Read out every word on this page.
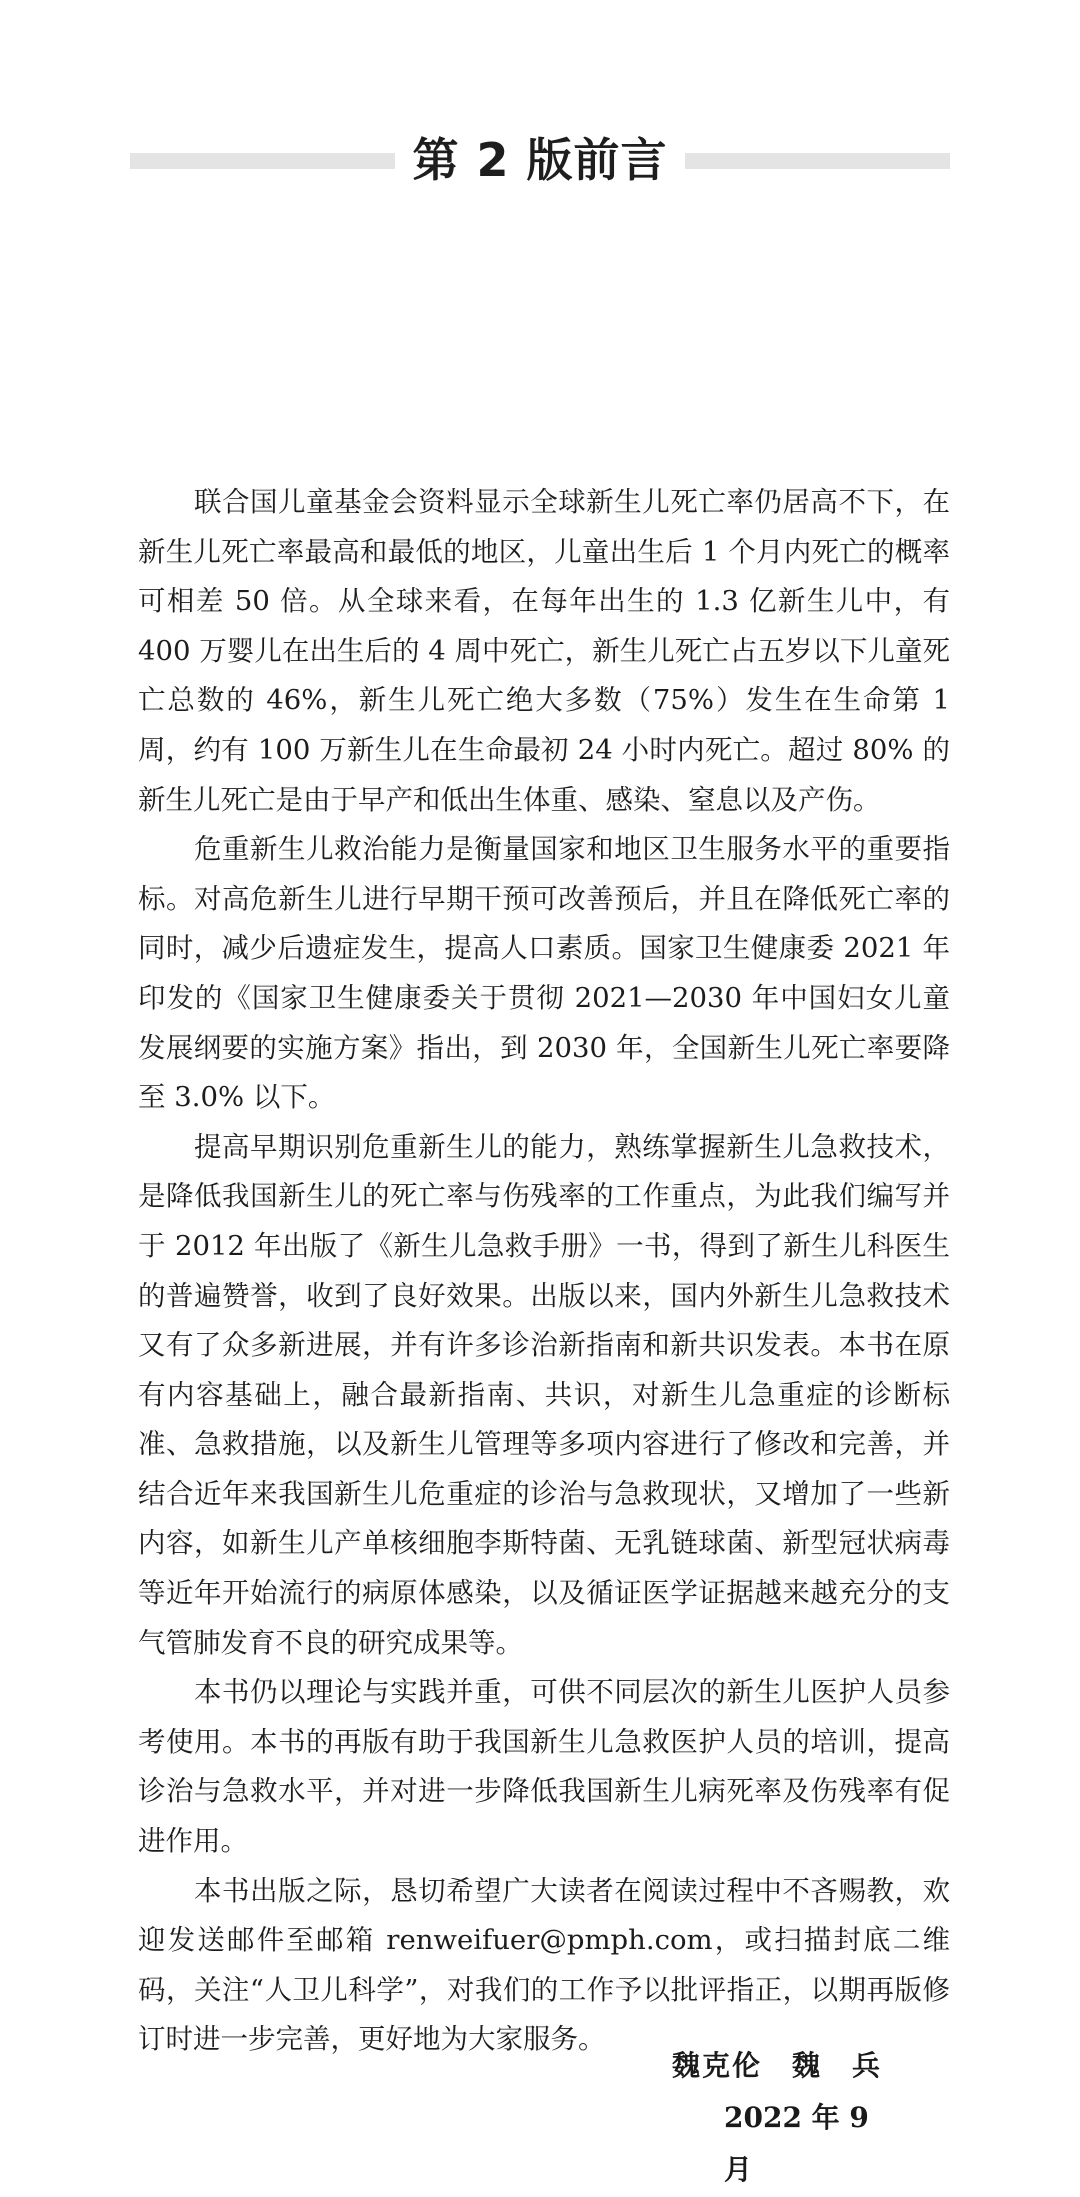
第 2 版前言

联合国儿童基金会资料显示全球新生儿死亡率仍居高不下，在新生儿死亡率最高和最低的地区，儿童出生后 1 个月内死亡的概率可相差 50 倍。从全球来看，在每年出生的 1.3 亿新生儿中，有 400 万婴儿在出生后的 4 周中死亡，新生儿死亡占五岁以下儿童死亡总数的 46%，新生儿死亡绝大多数（75%）发生在生命第 1 周，约有 100 万新生儿在生命最初 24 小时内死亡。超过 80% 的新生儿死亡是由于早产和低出生体重、感染、窒息以及产伤。

危重新生儿救治能力是衡量国家和地区卫生服务水平的重要指标。对高危新生儿进行早期干预可改善预后，并且在降低死亡率的同时，减少后遗症发生，提高人口素质。国家卫生健康委 2021 年印发的《国家卫生健康委关于贯彻 2021—2030 年中国妇女儿童发展纲要的实施方案》指出，到 2030 年，全国新生儿死亡率要降至 3.0% 以下。

提高早期识别危重新生儿的能力，熟练掌握新生儿急救技术，是降低我国新生儿的死亡率与伤残率的工作重点，为此我们编写并于 2012 年出版了《新生儿急救手册》一书，得到了新生儿科医生的普遍赞誉，收到了良好效果。出版以来，国内外新生儿急救技术又有了众多新进展，并有许多诊治新指南和新共识发表。本书在原有内容基础上，融合最新指南、共识，对新生儿急重症的诊断标准、急救措施，以及新生儿管理等多项内容进行了修改和完善，并结合近年来我国新生儿危重症的诊治与急救现状，又增加了一些新内容，如新生儿产单核细胞李斯特菌、无乳链球菌、新型冠状病毒等近年开始流行的病原体感染，以及循证医学证据越来越充分的支气管肺发育不良的研究成果等。

本书仍以理论与实践并重，可供不同层次的新生儿医护人员参考使用。本书的再版有助于我国新生儿急救医护人员的培训，提高诊治与急救水平，并对进一步降低我国新生儿病死率及伤残率有促进作用。

本书出版之际，恳切希望广大读者在阅读过程中不吝赐教，欢迎发送邮件至邮箱 renweifuer@pmph.com，或扫描封底二维码，关注“人卫儿科学”，对我们的工作予以批评指正，以期再版修订时进一步完善，更好地为大家服务。

魏克伦　魏　兵
2022 年 9 月
